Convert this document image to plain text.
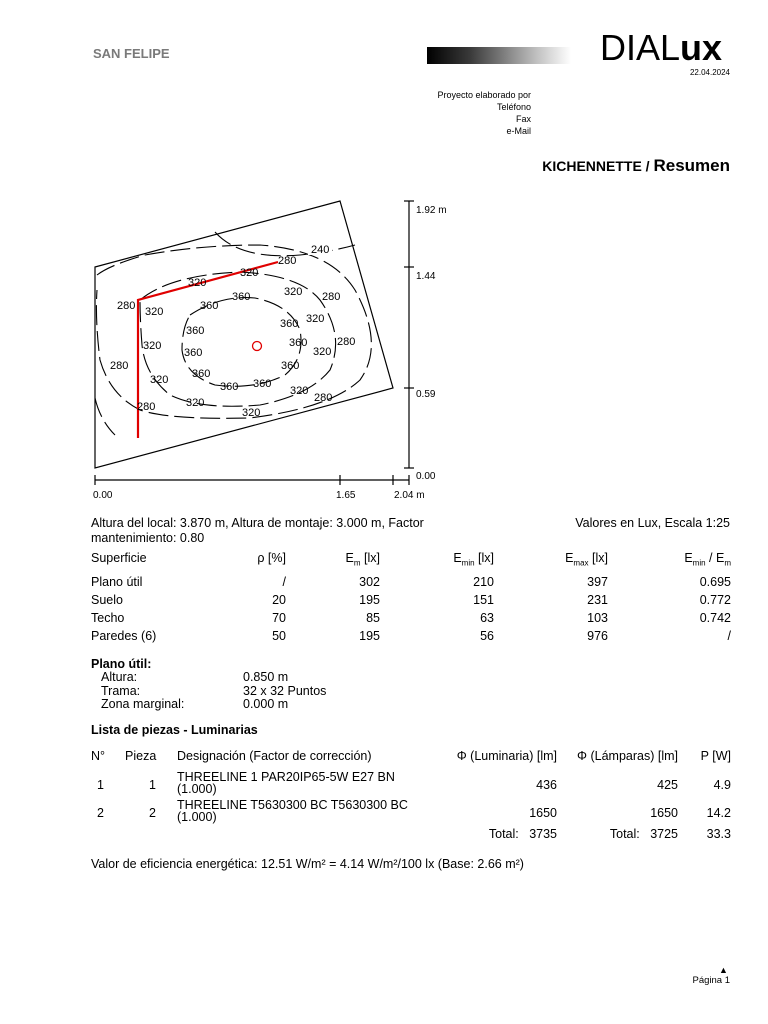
SAN FELIPE	DIALux
22.04.2024
Proyecto elaborado por
Teléfono
Fax
e-Mail
KICHENNETTE / Resumen
240
280
320
320
280 320	360
360	320 280
360
360 320
320
360
360
320
280
280	360
360
320
360 360
320
280
320
280	320
0.00	1.65	2.04 m
1.92 m
1.44
0.59
0.00
Altura del local: 3.870 m, Altura de montaje: 3.000 m, Factor
mantenimiento: 0.80
Valores en Lux, Escala 1:25
Superficie	ρ [%]	$E_m$ [lx]	$E_{min}$ [lx]	$E_{max}$ [lx]	$E_{min} / E_m$
Plano útil	/	302	210	397	0.695
Suelo	20	195	151	231	0.772
Techo	70	85	63	103	0.742
Paredes (6)	50	195	56	976	/
Plano útil:
Altura:	0.850 m
Trama:	32 x 32 Puntos
Zona marginal:	0.000 m
Lista de piezas - Luminarias
N°	Pieza	Designación (Factor de corrección)	Φ (Luminaria) [lm]	Φ (Lámparas) [lm]	P [W]
1	1	THREELINE 1 PAR20IP65-5W E27 BN
(1.000)	436	425	4.9
2	2	THREELINE T5630300 BC T5630300 BC
(1.000)	1650	1650	14.2
		Total: 3735		Total: 3725	33.3
Valor de eficiencia energética: 12.51 W/m² = 4.14 W/m²/100 lx (Base: 2.66 m²)
▲
Página 1
